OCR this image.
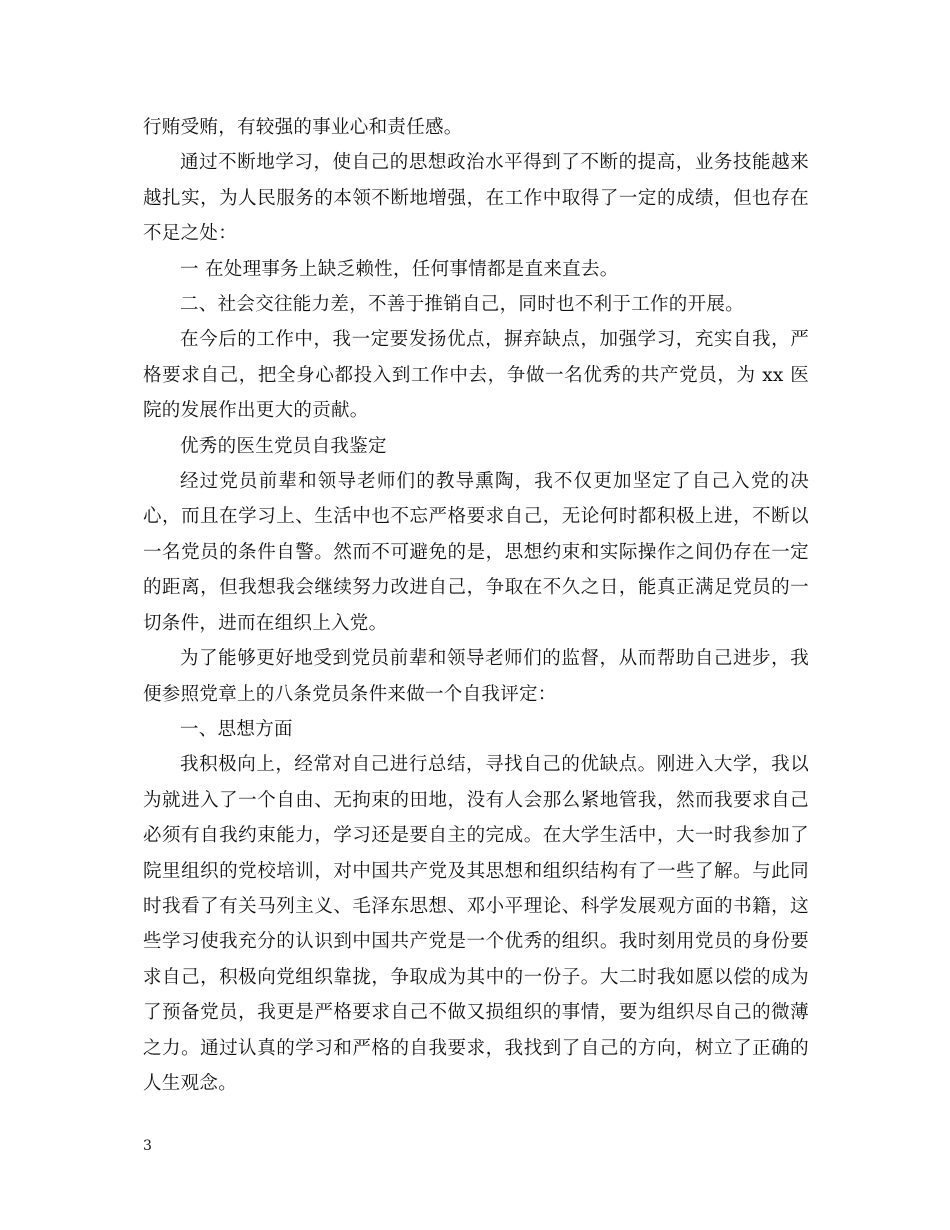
行贿受贿，有较强的事业心和责任感。

通过不断地学习，使自己的思想政治水平得到了不断的提高，业务技能越来越扎实，为人民服务的本领不断地增强，在工作中取得了一定的成绩，但也存在不足之处：

一 在处理事务上缺乏赖性，任何事情都是直来直去。

二、社会交往能力差，不善于推销自己，同时也不利于工作的开展。

在今后的工作中，我一定要发扬优点，摒弃缺点，加强学习，充实自我，严格要求自己，把全身心都投入到工作中去，争做一名优秀的共产党员，为 xx 医院的发展作出更大的贡献。

优秀的医生党员自我鉴定

经过党员前辈和领导老师们的教导熏陶，我不仅更加坚定了自己入党的决心，而且在学习上、生活中也不忘严格要求自己，无论何时都积极上进，不断以一名党员的条件自警。然而不可避免的是，思想约束和实际操作之间仍存在一定的距离，但我想我会继续努力改进自己，争取在不久之日，能真正满足党员的一切条件，进而在组织上入党。

为了能够更好地受到党员前辈和领导老师们的监督，从而帮助自己进步，我便参照党章上的八条党员条件来做一个自我评定：

一、思想方面

我积极向上，经常对自己进行总结，寻找自己的优缺点。刚进入大学，我以为就进入了一个自由、无拘束的田地，没有人会那么紧地管我，然而我要求自己必须有自我约束能力，学习还是要自主的完成。在大学生活中，大一时我参加了院里组织的党校培训，对中国共产党及其思想和组织结构有了一些了解。与此同时我看了有关马列主义、毛泽东思想、邓小平理论、科学发展观方面的书籍，这些学习使我充分的认识到中国共产党是一个优秀的组织。我时刻用党员的身份要求自己，积极向党组织靠拢，争取成为其中的一份子。大二时我如愿以偿的成为了预备党员，我更是严格要求自己不做又损组织的事情，要为组织尽自己的微薄之力。通过认真的学习和严格的自我要求，我找到了自己的方向，树立了正确的人生观念。

3
